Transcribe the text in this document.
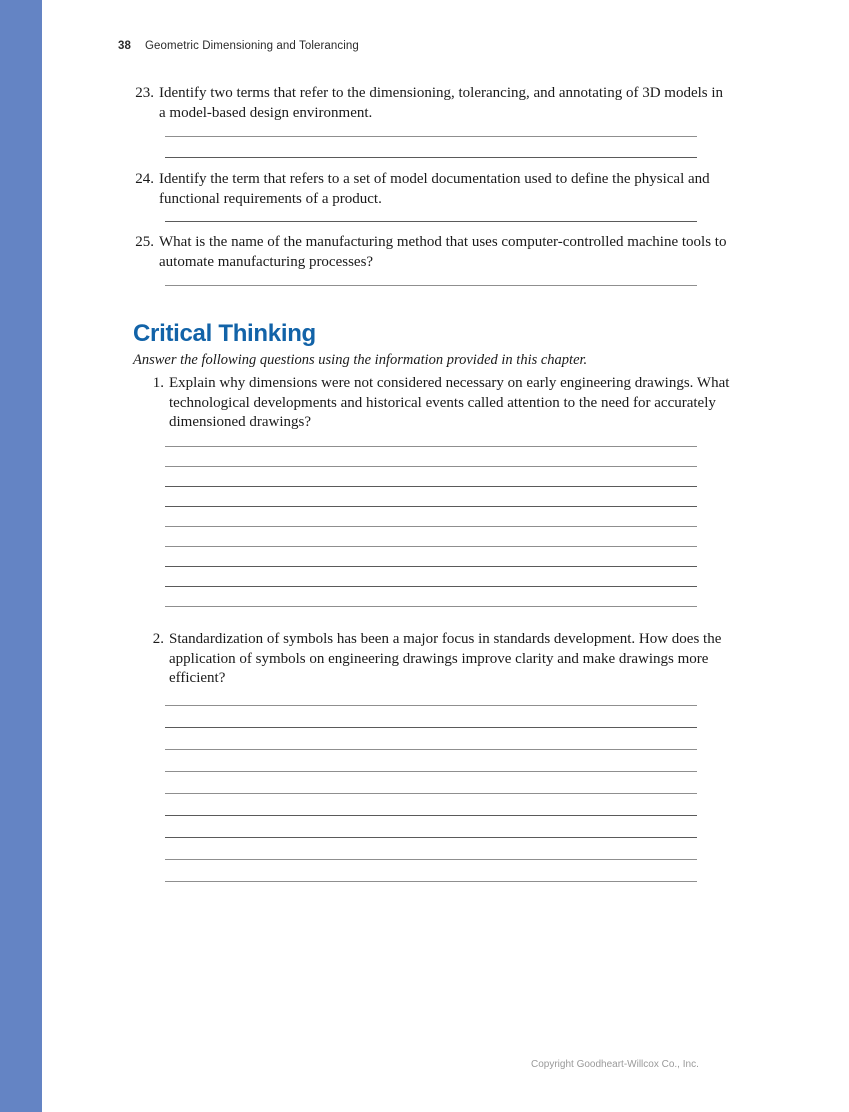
38 Geometric Dimensioning and Tolerancing
23. Identify two terms that refer to the dimensioning, tolerancing, and annotating of 3D models in a model-based design environment.
24. Identify the term that refers to a set of model documentation used to define the physical and functional requirements of a product.
25. What is the name of the manufacturing method that uses computer-controlled machine tools to automate manufacturing processes?
Critical Thinking
Answer the following questions using the information provided in this chapter.
1. Explain why dimensions were not considered necessary on early engineering drawings. What technological developments and historical events called attention to the need for accurately dimensioned drawings?
2. Standardization of symbols has been a major focus in standards development. How does the application of symbols on engineering drawings improve clarity and make drawings more efficient?
Copyright Goodheart-Willcox Co., Inc.
